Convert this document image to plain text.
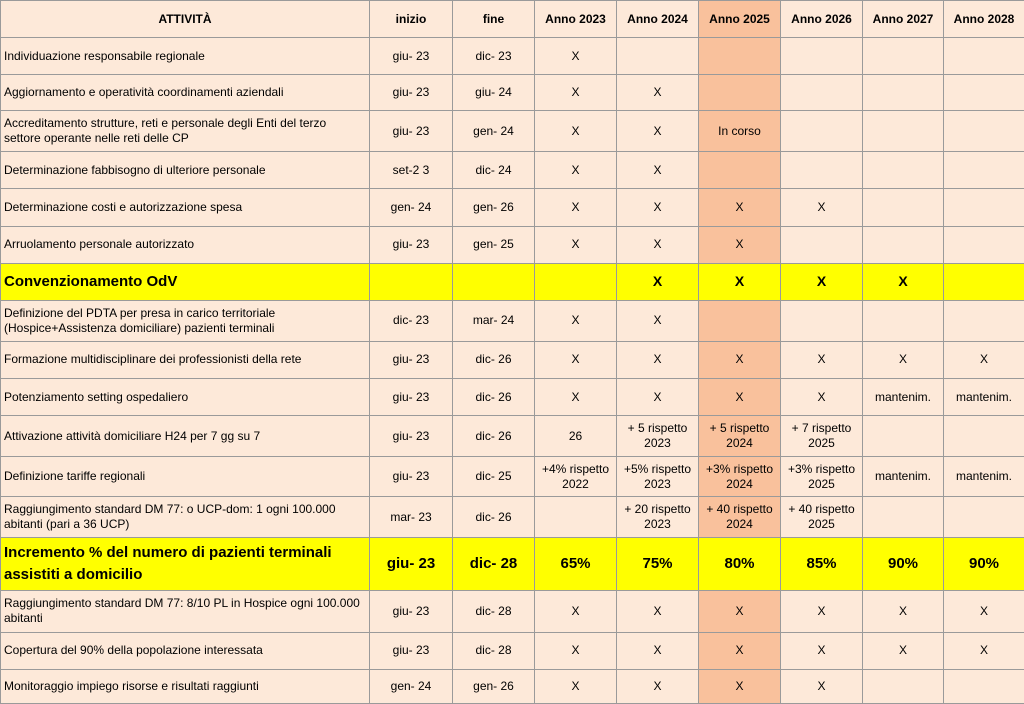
ATTIVITÀ	inizio	fine	Anno 2023	Anno 2024	Anno 2025	Anno 2026	Anno 2027	Anno 2028
Individuazione responsabile regionale	giu- 23	dic- 23	X					
Aggiornamento e operatività coordinamenti aziendali	giu- 23	giu- 24	X	X				
Accreditamento strutture, reti e personale degli Enti del terzo settore operante nelle reti delle CP	giu- 23	gen- 24	X	X	In corso			
Determinazione fabbisogno di ulteriore personale	set-2 3	dic- 24	X	X				
Determinazione costi e autorizzazione spesa	gen- 24	gen- 26	X	X	X	X		
Arruolamento personale autorizzato	giu- 23	gen- 25	X	X	X			
Convenzionamento OdV				X	X	X	X	
Definizione del PDTA per presa in carico territoriale (Hospice+Assistenza domiciliare) pazienti terminali	dic- 23	mar- 24	X	X				
Formazione multidisciplinare dei professionisti della rete	giu- 23	dic- 26	X	X	X	X	X	X
Potenziamento setting ospedaliero	giu- 23	dic- 26	X	X	X	X	mantenim.	mantenim.
Attivazione attività domiciliare H24 per 7 gg su 7	giu- 23	dic- 26	26	+ 5 rispetto 2023	+ 5 rispetto 2024	+ 7 rispetto 2025		
Definizione tariffe regionali	giu- 23	dic- 25	+4% rispetto 2022	+5% rispetto 2023	+3% rispetto 2024	+3% rispetto 2025	mantenim.	mantenim.
Raggiungimento standard DM 77: o UCP-dom: 1 ogni 100.000 abitanti (pari a 36 UCP)	mar- 23	dic- 26		+ 20 rispetto 2023	+ 40 rispetto 2024	+ 40 rispetto 2025		
Incremento % del numero di pazienti terminali assistiti a domicilio	giu- 23	dic- 28	65%	75%	80%	85%	90%	90%
Raggiungimento standard DM 77: 8/10 PL in Hospice ogni 100.000 abitanti	giu- 23	dic- 28	X	X	X	X	X	X
Copertura del 90% della popolazione interessata	giu- 23	dic- 28	X	X	X	X	X	X
Monitoraggio impiego risorse e risultati raggiunti	gen- 24	gen- 26	X	X	X	X		
